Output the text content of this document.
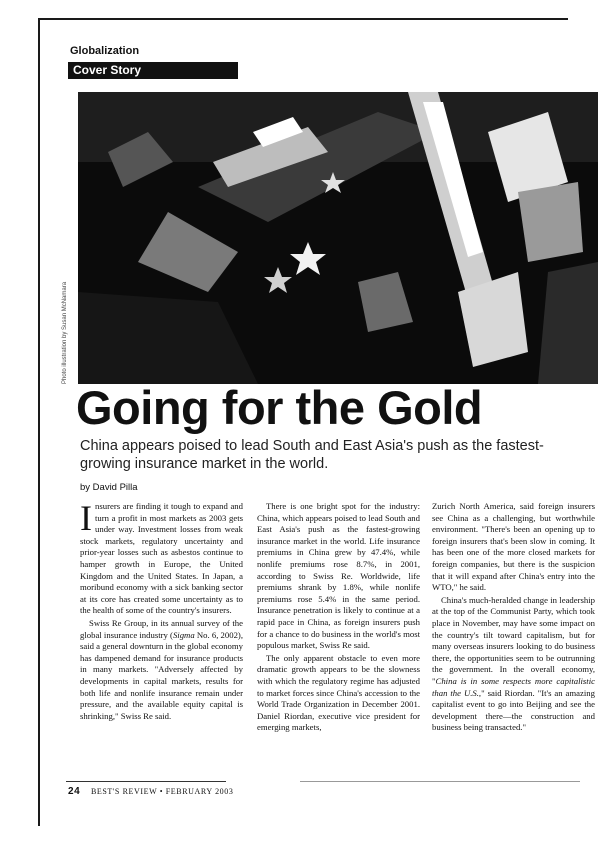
Globalization
Cover Story
Photo illustration by Susan McNamara
Going for the Gold
China appears poised to lead South and East Asia's push as the fastest-growing insurance market in the world.
by David Pilla

Insurers are finding it tough to expand and turn a profit in most markets as 2003 gets under way. Investment losses from weak stock markets, regulatory uncertainty and prior-year losses such as asbestos continue to hamper growth in Europe, the United Kingdom and the United States. In Japan, a moribund economy with a sick banking sector at its core has created some uncertainty as to the health of some of the country's insurers.

Swiss Re Group, in its annual survey of the global insurance industry (Sigma No. 6, 2002), said a general downturn in the global economy has dampened demand for insurance products in many markets. "Adversely affected by developments in capital markets, results for both life and nonlife insurance remain under pressure, and the available equity capital is shrinking," Swiss Re said.

There is one bright spot for the industry: China, which appears poised to lead South and East Asia's push as the fastest-growing insurance market in the world. Life insurance premiums in China grew by 47.4%, while nonlife premiums rose 8.7%, in 2001, according to Swiss Re. Worldwide, life premiums shrank by 1.8%, while nonlife premiums rose 5.4% in the same period. Insurance penetration is likely to continue at a rapid pace in China, as foreign insurers push for a chance to do business in the world's most populous market, Swiss Re said.

The only apparent obstacle to even more dramatic growth appears to be the slowness with which the regulatory regime has adjusted to market forces since China's accession to the World Trade Organization in December 2001. Daniel Riordan, executive vice president for emerging markets,

Zurich North America, said foreign insurers see China as a challenging, but worthwhile environment. "There's been an opening up to foreign insurers that's been slow in coming. It has been one of the more closed markets for foreign companies, but there is the suspicion that it will expand after China's entry into the WTO," he said.

China's much-heralded change in leadership at the top of the Communist Party, which took place in November, may have some impact on the country's tilt toward capitalism, but for many overseas insurers looking to do business there, the opportunities seem to be outrunning the government. In the overall economy, "China is in some respects more capitalistic than the U.S.," said Riordan. "It's an amazing capitalist event to go into Beijing and see the development there—the construction and business being transacted."

24 BEST'S REVIEW • FEBRUARY 2003
